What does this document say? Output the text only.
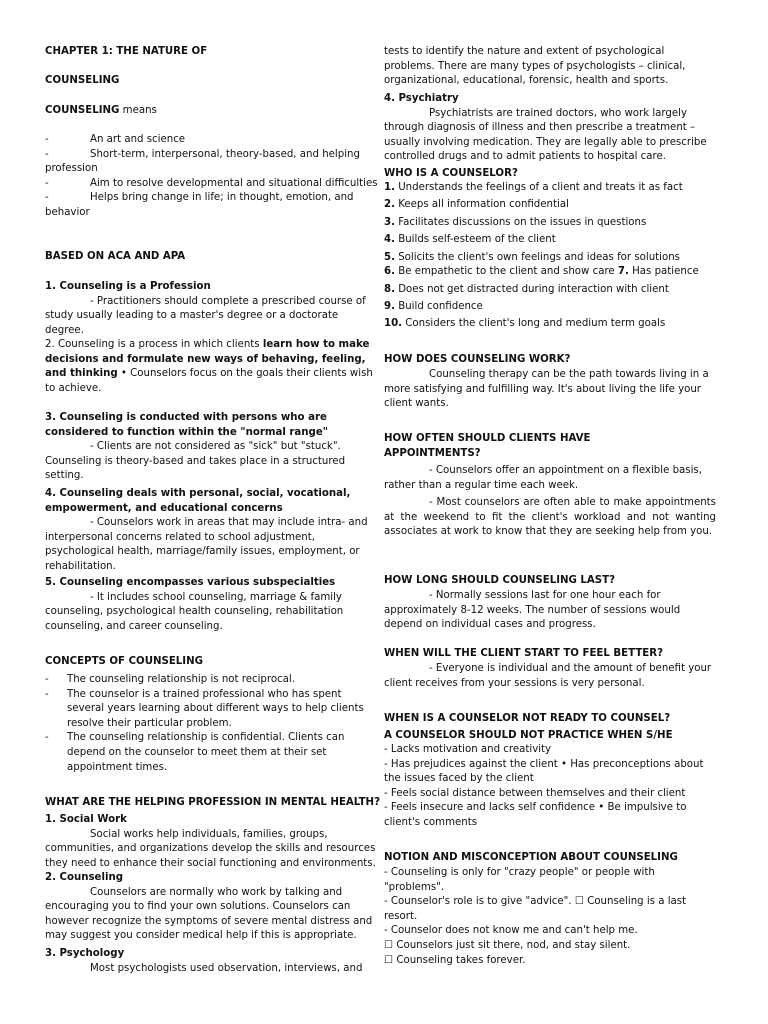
CHAPTER 1: THE NATURE OF

COUNSELING

COUNSELING means

-	An art and science
-	Short-term, interpersonal, theory-based, and helping

profession

-	Aim to resolve developmental and situational difficulties
-	Helps bring change in life; in thought, emotion, and

behavior

BASED ON ACA AND APA

1. Counseling is a Profession

- Practitioners should complete a prescribed course of study usually leading to a master's degree or a doctorate degree.

2. Counseling is a process in which clients learn how to make decisions and formulate new ways of behaving, feeling, and thinking • Counselors focus on the goals their clients wish to achieve.

3. Counseling is conducted with persons who are considered to function within the "normal range"

- Clients are not considered as "sick" but "stuck". Counseling is theory-based and takes place in a structured setting.

4. Counseling deals with personal, social, vocational, empowerment, and educational concerns

- Counselors work in areas that may include intra- and interpersonal concerns related to school adjustment, psychological health, marriage/family issues, employment, or rehabilitation.

5. Counseling encompasses various subspecialties

- It includes school counseling, marriage & family counseling, psychological health counseling, rehabilitation counseling, and career counseling.

CONCEPTS OF COUNSELING

- The counseling relationship is not reciprocal.

- The counselor is a trained professional who has spent several years learning about different ways to help clients resolve their particular problem.

- The counseling relationship is confidential. Clients can depend on the counselor to meet them at their set appointment times.

WHAT ARE THE HELPING PROFESSION IN MENTAL HEALTH?

1. Social Work

Social works help individuals, families, groups, communities, and organizations develop the skills and resources they need to enhance their social functioning and environments.

2. Counseling

Counselors are normally who work by talking and encouraging you to find your own solutions. Counselors can however recognize the symptoms of severe mental distress and may suggest you consider medical help if this is appropriate.

3. Psychology

Most psychologists used observation, interviews, and

tests to identify the nature and extent of psychological problems. There are many types of psychologists – clinical, organizational, educational, forensic, health and sports.

4. Psychiatry

Psychiatrists are trained doctors, who work largely through diagnosis of illness and then prescribe a treatment – usually involving medication. They are legally able to prescribe controlled drugs and to admit patients to hospital care.

WHO IS A COUNSELOR?

1. Understands the feelings of a client and treats it as fact

2. Keeps all information confidential

3. Facilitates discussions on the issues in questions

4. Builds self-esteem of the client

5. Solicits the client's own feelings and ideas for solutions

6. Be empathetic to the client and show care 7. Has patience

8. Does not get distracted during interaction with client

9. Build confidence

10. Considers the client's long and medium term goals

HOW DOES COUNSELING WORK?

Counseling therapy can be the path towards living in a more satisfying and fulfilling way. It's about living the life your client wants.

HOW OFTEN SHOULD CLIENTS HAVE APPOINTMENTS?

- Counselors offer an appointment on a flexible basis, rather than a regular time each week.

- Most counselors are often able to make appointments at the weekend to fit the client's workload and not wanting associates at work to know that they are seeking help from you.

HOW LONG SHOULD COUNSELING LAST?

- Normally sessions last for one hour each for approximately 8-12 weeks. The number of sessions would depend on individual cases and progress.

WHEN WILL THE CLIENT START TO FEEL BETTER?

- Everyone is individual and the amount of benefit your client receives from your sessions is very personal.

WHEN IS A COUNSELOR NOT READY TO COUNSEL?

A COUNSELOR SHOULD NOT PRACTICE WHEN S/HE

- Lacks motivation and creativity

- Has prejudices against the client • Has preconceptions about the issues faced by the client

- Feels social distance between themselves and their client

- Feels insecure and lacks self confidence • Be impulsive to client's comments

NOTION AND MISCONCEPTION ABOUT COUNSELING

- Counseling is only for "crazy people" or people with "problems".

- Counselor's role is to give "advice". ☐ Counseling is a last resort.

- Counselor does not know me and can't help me.

☐ Counselors just sit there, nod, and stay silent.

☐ Counseling takes forever.
